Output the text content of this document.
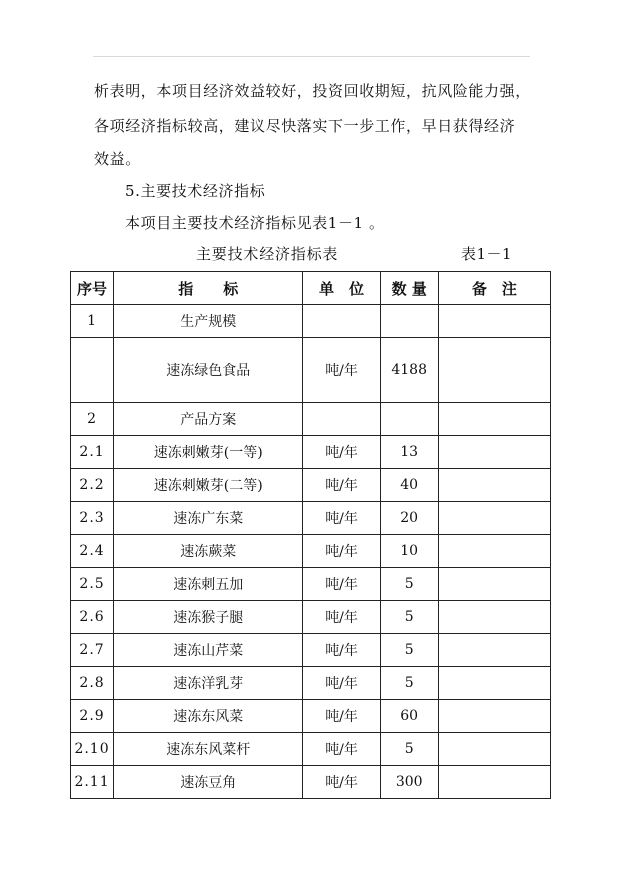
析表明，本项目经济效益较好，投资回收期短，抗风险能力强，
各项经济指标较高，建议尽快落实下一步工作，早日获得经济
效益。
5.主要技术经济指标
本项目主要技术经济指标见表1－1 。
主要技术经济指标表	表1－1
序号	指　　标	单　位	数 量	备　注
1	生产规模			
	速冻绿色食品	吨/年	4188	
2	产品方案			
2.1	速冻刺嫩芽(一等)	吨/年	13	
2.2	速冻刺嫩芽(二等)	吨/年	40	
2.3	速冻广东菜	吨/年	20	
2.4	速冻蕨菜	吨/年	10	
2.5	速冻刺五加	吨/年	5	
2.6	速冻猴子腿	吨/年	5	
2.7	速冻山芹菜	吨/年	5	
2.8	速冻洋乳芽	吨/年	5	
2.9	速冻东风菜	吨/年	60	
2.10	速冻东风菜杆	吨/年	5	
2.11	速冻豆角	吨/年	300	
